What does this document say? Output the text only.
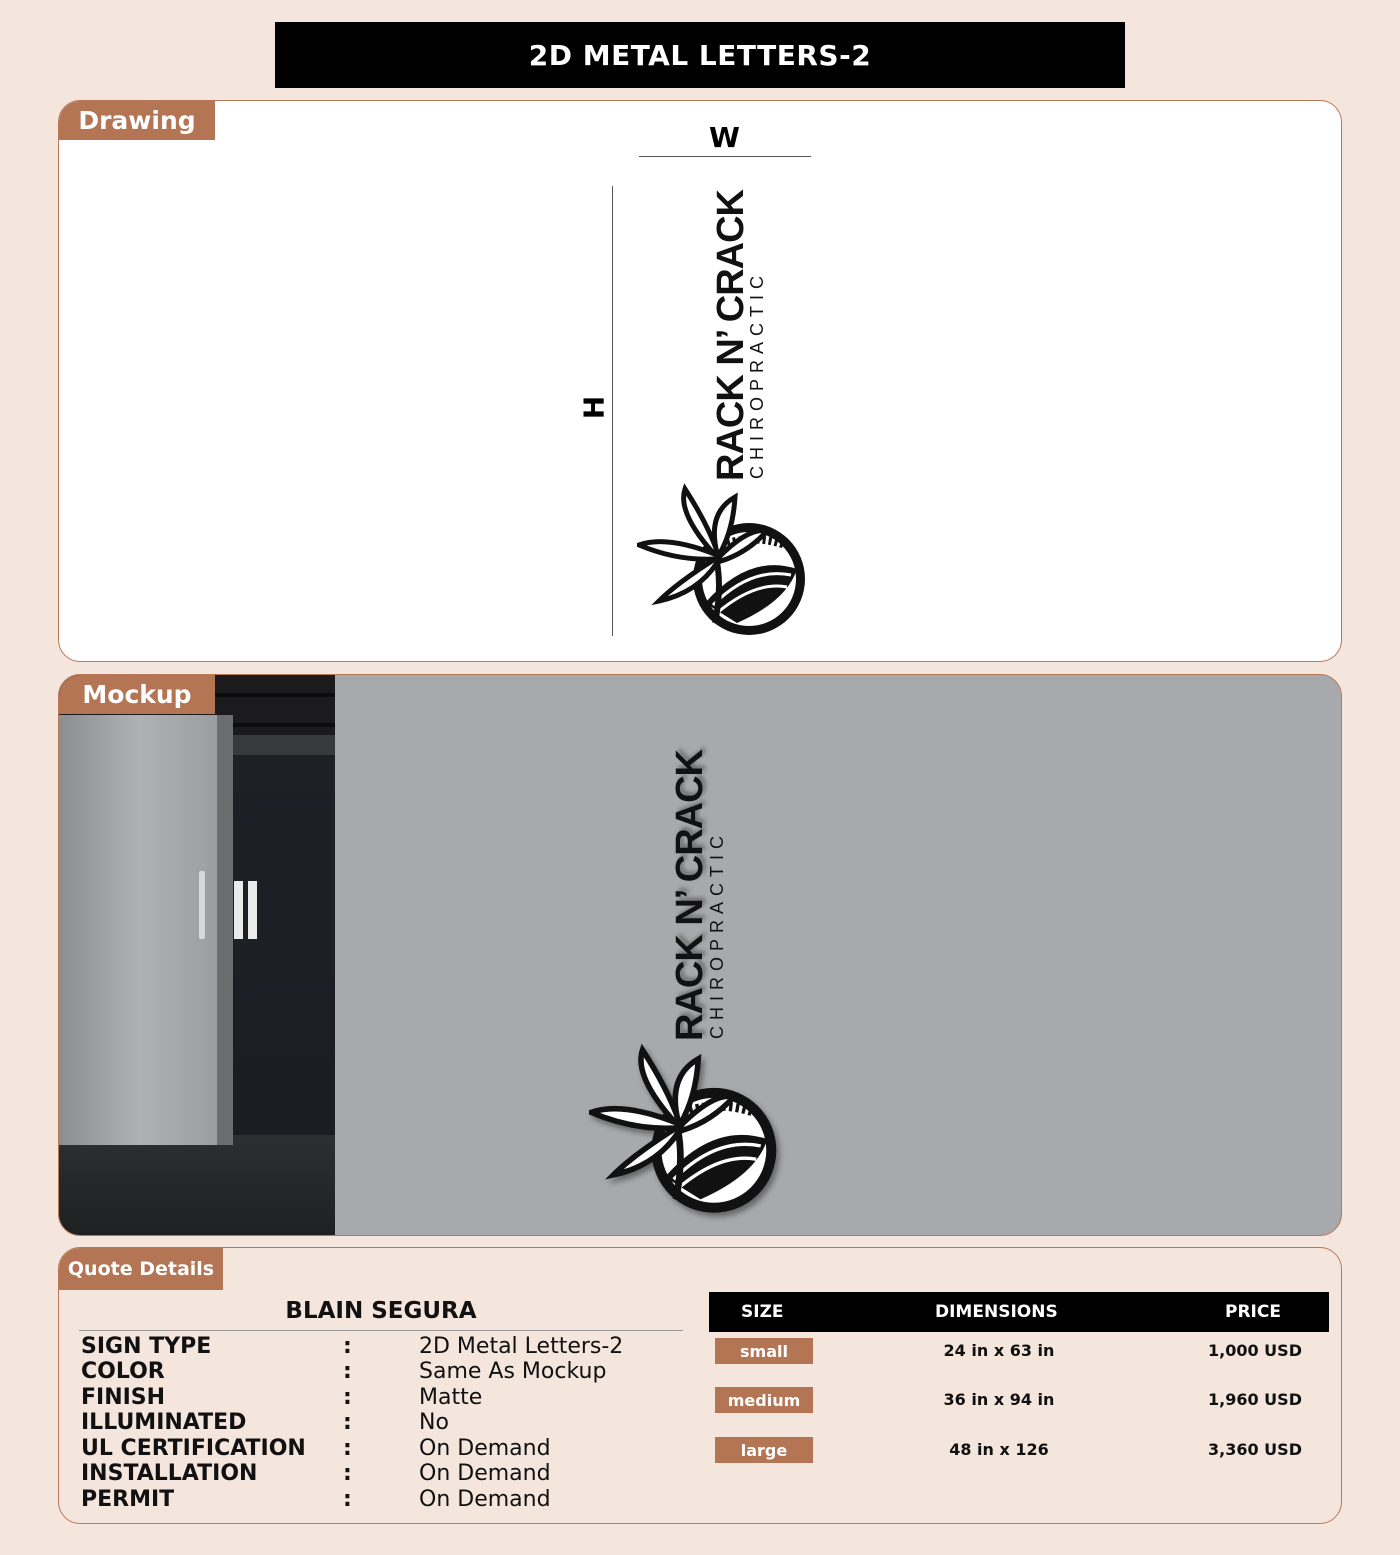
2D METAL LETTERS-2
Drawing
W
H	RACK N’ CRACK
CHIROPRACTIC
Mockup
RACK N’ CRACK
CHIROPRACTIC
Quote Details
BLAIN SEGURA
SIGN TYPE	:	2D Metal Letters-2
COLOR	:	Same As Mockup
FINISH	:	Matte
ILLUMINATED	:	No
UL CERTIFICATION :	On Demand
INSTALLATION	:	On Demand
PERMIT	:	On Demand
SIZE	DIMENSIONS	PRICE
small	24 in x 63 in	1,000 USD
medium	36 in x 94 in	1,960 USD
large	48 in x 126	3,360 USD
